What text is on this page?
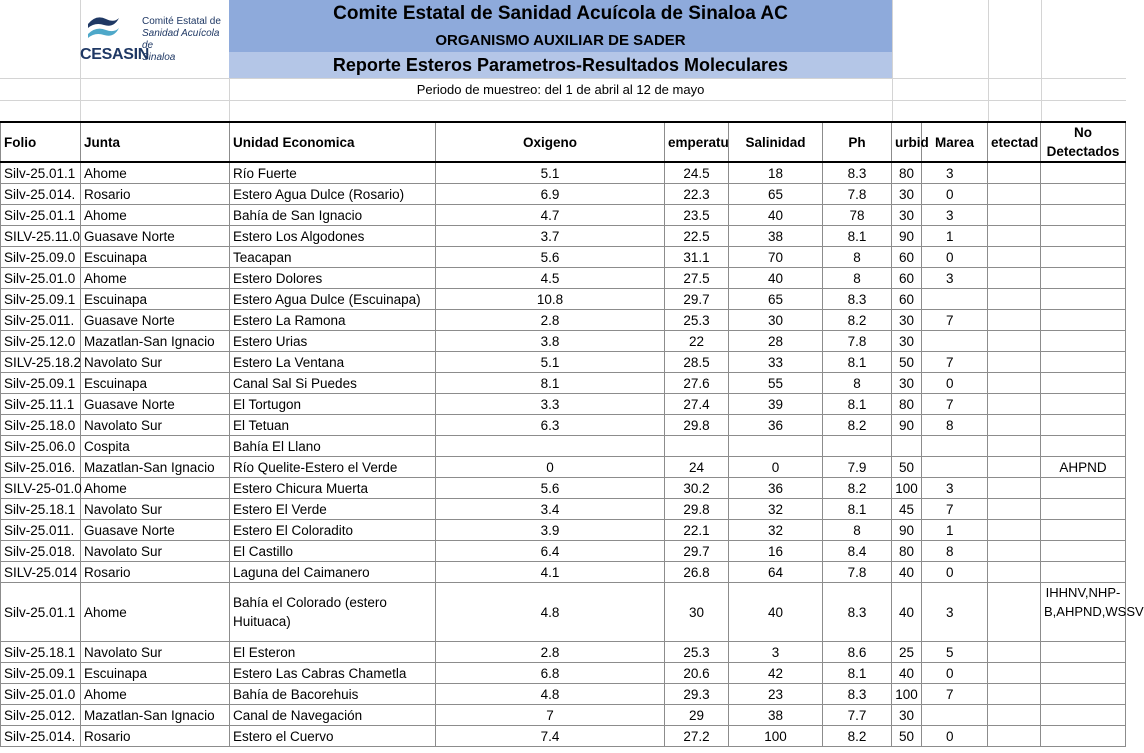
CESASIN
Comité Estatal de
Sanidad Acuícola de
Sinaloa
Comite Estatal de Sanidad Acuícola de Sinaloa AC
ORGANISMO AUXILIAR DE SADER
Reporte Esteros Parametros-Resultados Moleculares
Periodo de muestreo: del 1 de abril al 12 de mayo
Folio	Junta	Unidad Economica	Oxigeno	emperatu	Salinidad	Ph	urbid	Marea	etectad	No Detectados
Silv-25.01.1	Ahome	Río Fuerte	5.1	24.5	18	8.3	80	3		
Silv-25.014.	Rosario	Estero Agua Dulce (Rosario)	6.9	22.3	65	7.8	30	0		
Silv-25.01.1	Ahome	Bahía de San Ignacio	4.7	23.5	40	78	30	3		
SILV-25.11.0	Guasave Norte	Estero Los Algodones	3.7	22.5	38	8.1	90	1		
Silv-25.09.0	Escuinapa	Teacapan	5.6	31.1	70	8	60	0		
Silv-25.01.0	Ahome	Estero Dolores	4.5	27.5	40	8	60	3		
Silv-25.09.1	Escuinapa	Estero Agua Dulce (Escuinapa)	10.8	29.7	65	8.3	60			
Silv-25.011.	Guasave Norte	Estero La Ramona	2.8	25.3	30	8.2	30	7		
Silv-25.12.0	Mazatlan-San Ignacio	Estero Urias	3.8	22	28	7.8	30			
SILV-25.18.2	Navolato Sur	Estero La Ventana	5.1	28.5	33	8.1	50	7		
Silv-25.09.1	Escuinapa	Canal Sal Si Puedes	8.1	27.6	55	8	30	0		
Silv-25.11.1	Guasave Norte	El Tortugon	3.3	27.4	39	8.1	80	7		
Silv-25.18.0	Navolato Sur	El Tetuan	6.3	29.8	36	8.2	90	8		
Silv-25.06.0	Cospita	Bahía El Llano								
Silv-25.016.	Mazatlan-San Ignacio	Río Quelite-Estero el Verde	0	24	0	7.9	50			AHPND
SILV-25-01.0	Ahome	Estero Chicura Muerta	5.6	30.2	36	8.2	100	3		
Silv-25.18.1	Navolato Sur	Estero El Verde	3.4	29.8	32	8.1	45	7		
Silv-25.011.	Guasave Norte	Estero El Coloradito	3.9	22.1	32	8	90	1		
Silv-25.018.	Navolato Sur	El Castillo	6.4	29.7	16	8.4	80	8		
SILV-25.014	Rosario	Laguna del Caimanero	4.1	26.8	64	7.8	40	0		
Silv-25.01.1	Ahome	Bahía el Colorado (estero Huituaca)	4.8	30	40	8.3	40	3		IHHNV,NHP-B,AHPND,WSSV
Silv-25.18.1	Navolato Sur	El Esteron	2.8	25.3	3	8.6	25	5		
Silv-25.09.1	Escuinapa	Estero Las Cabras Chametla	6.8	20.6	42	8.1	40	0		
Silv-25.01.0	Ahome	Bahía de Bacorehuis	4.8	29.3	23	8.3	100	7		
Silv-25.012.	Mazatlan-San Ignacio	Canal de Navegación	7	29	38	7.7	30			
Silv-25.014.	Rosario	Estero el Cuervo	7.4	27.2	100	8.2	50	0		
